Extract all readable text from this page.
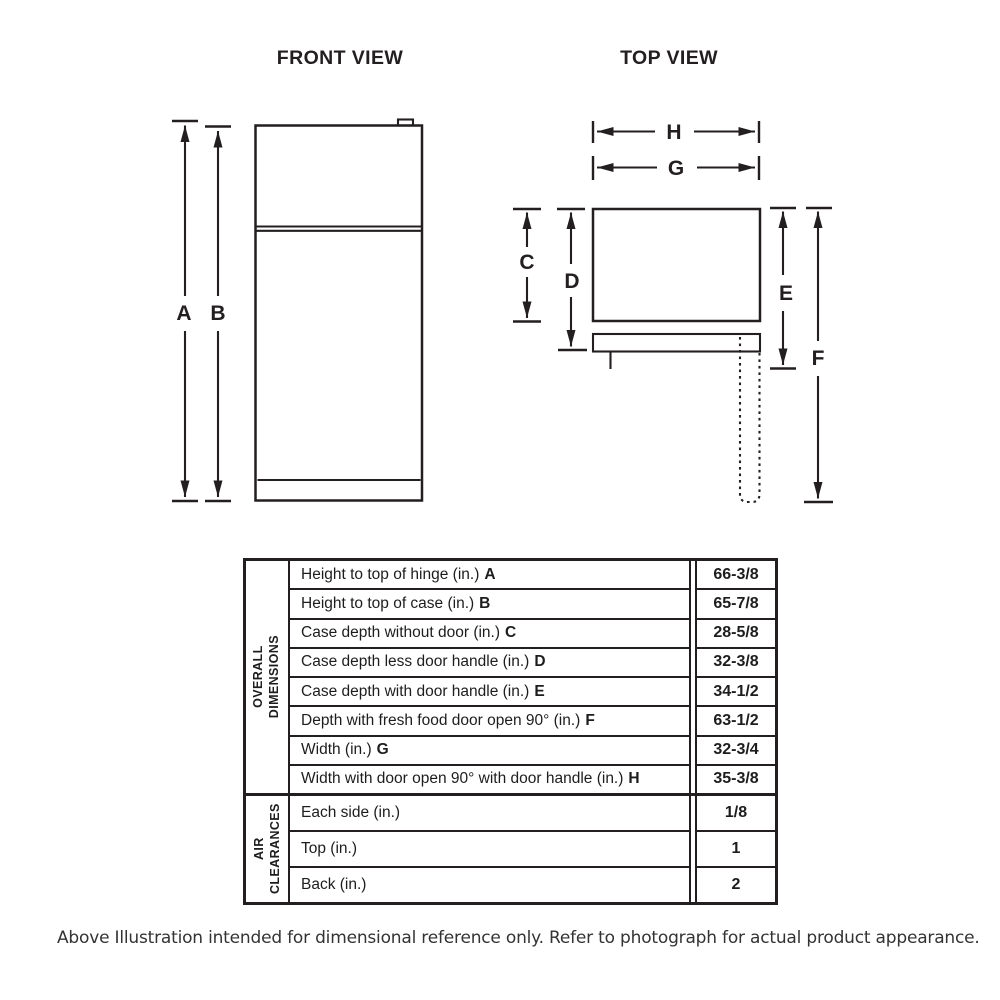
FRONT VIEW	TOP VIEW
A B
H
G
C
D
E
F
OVERALL DIMENSIONS
Height to top of hinge (in.) A
Height to top of case (in.) B
Case depth without door (in.) C
Case depth less door handle (in.) D
Case depth with door handle (in.) E
Depth with fresh food door open 90° (in.) F
Width (in.) G
Width with door open 90° with door handle (in.) H
66-3/8
65-7/8
28-5/8
32-3/8
34-1/2
63-1/2
32-3/4
35-3/8
AIR CLEARANCES Each side (in.)
Top (in.)
Back (in.)
1/8
1
2
Above Illustration intended for dimensional reference only. Refer to photograph for actual product appearance.
